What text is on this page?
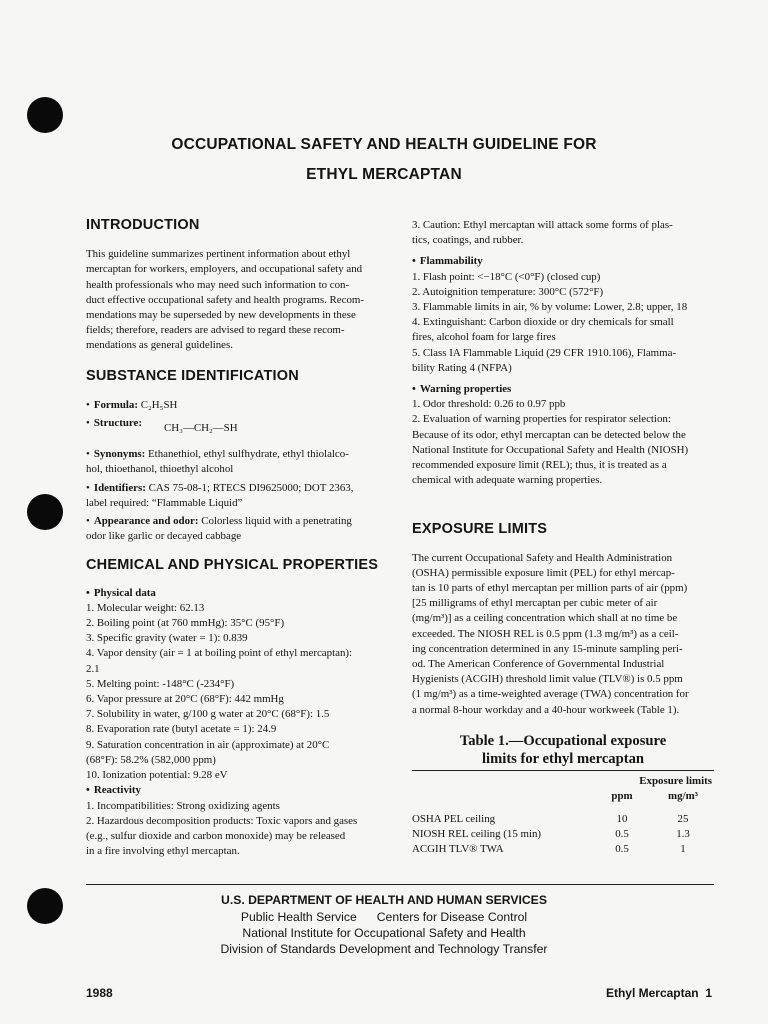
OCCUPATIONAL SAFETY AND HEALTH GUIDELINE FOR
ETHYL MERCAPTAN
INTRODUCTION

This guideline summarizes pertinent information about ethyl

mercaptan for workers, employers, and occupational safety and

health professionals who may need such information to con-

duct effective occupational safety and health programs. Recom-

mendations may be superseded by new developments in these

fields; therefore, readers are advised to regard these recom-

mendations as general guidelines.

SUBSTANCE IDENTIFICATION

• Formula: C₂H₅SH

• Structure: CH₃—CH₂—SH

• Synonyms: Ethanethiol, ethyl sulfhydrate, ethyl thiolalco-

hol, thioethanol, thioethyl alcohol

• Identifiers: CAS 75-08-1; RTECS DI9625000; DOT 2363,

label required: “Flammable Liquid”

• Appearance and odor: Colorless liquid with a penetrating

odor like garlic or decayed cabbage

CHEMICAL AND PHYSICAL PROPERTIES

• Physical data

1. Molecular weight: 62.13

2. Boiling point (at 760 mmHg): 35°C (95°F)

3. Specific gravity (water = 1): 0.839

4. Vapor density (air = 1 at boiling point of ethyl mercaptan):

2.1

5. Melting point: -148°C (-234°F)

6. Vapor pressure at 20°C (68°F): 442 mmHg

7. Solubility in water, g/100 g water at 20°C (68°F): 1.5

8. Evaporation rate (butyl acetate = 1): 24.9

9. Saturation concentration in air (approximate) at 20°C

(68°F): 58.2% (582,000 ppm)

10. Ionization potential: 9.28 eV

• Reactivity

1. Incompatibilities: Strong oxidizing agents

2. Hazardous decomposition products: Toxic vapors and gases

(e.g., sulfur dioxide and carbon monoxide) may be released

in a fire involving ethyl mercaptan.

3. Caution: Ethyl mercaptan will attack some forms of plas-

tics, coatings, and rubber.

• Flammability

1. Flash point: <−18°C (<0°F) (closed cup)

2. Autoignition temperature: 300°C (572°F)

3. Flammable limits in air, % by volume: Lower, 2.8; upper, 18

4. Extinguishant: Carbon dioxide or dry chemicals for small

fires, alcohol foam for large fires

5. Class IA Flammable Liquid (29 CFR 1910.106), Flamma-

bility Rating 4 (NFPA)

• Warning properties

1. Odor threshold: 0.26 to 0.97 ppb

2. Evaluation of warning properties for respirator selection:

Because of its odor, ethyl mercaptan can be detected below the

National Institute for Occupational Safety and Health (NIOSH)

recommended exposure limit (REL); thus, it is treated as a

chemical with adequate warning properties.

EXPOSURE LIMITS

The current Occupational Safety and Health Administration

(OSHA) permissible exposure limit (PEL) for ethyl mercap-

tan is 10 parts of ethyl mercaptan per million parts of air (ppm)

[25 milligrams of ethyl mercaptan per cubic meter of air

(mg/m³)] as a ceiling concentration which shall at no time be

exceeded. The NIOSH REL is 0.5 ppm (1.3 mg/m³) as a ceil-

ing concentration determined in any 15-minute sampling peri-

od. The American Conference of Governmental Industrial

Hygienists (ACGIH) threshold limit value (TLV®) is 0.5 ppm

(1 mg/m³) as a time-weighted average (TWA) concentration for

a normal 8-hour workday and a 40-hour workweek (Table 1).

Table 1.—Occupational exposure
limits for ethyl mercaptan
	Exposure limits	
	ppm	mg/m³

OSHA PEL ceiling	10	25
NIOSH REL ceiling (15 min)	0.5	1.3
ACGIH TLV® TWA	0.5	1
U.S. DEPARTMENT OF HEALTH AND HUMAN SERVICES
Public Health Service Centers for Disease Control
National Institute for Occupational Safety and Health
Division of Standards Development and Technology Transfer
1988	Ethyl Mercaptan 1
